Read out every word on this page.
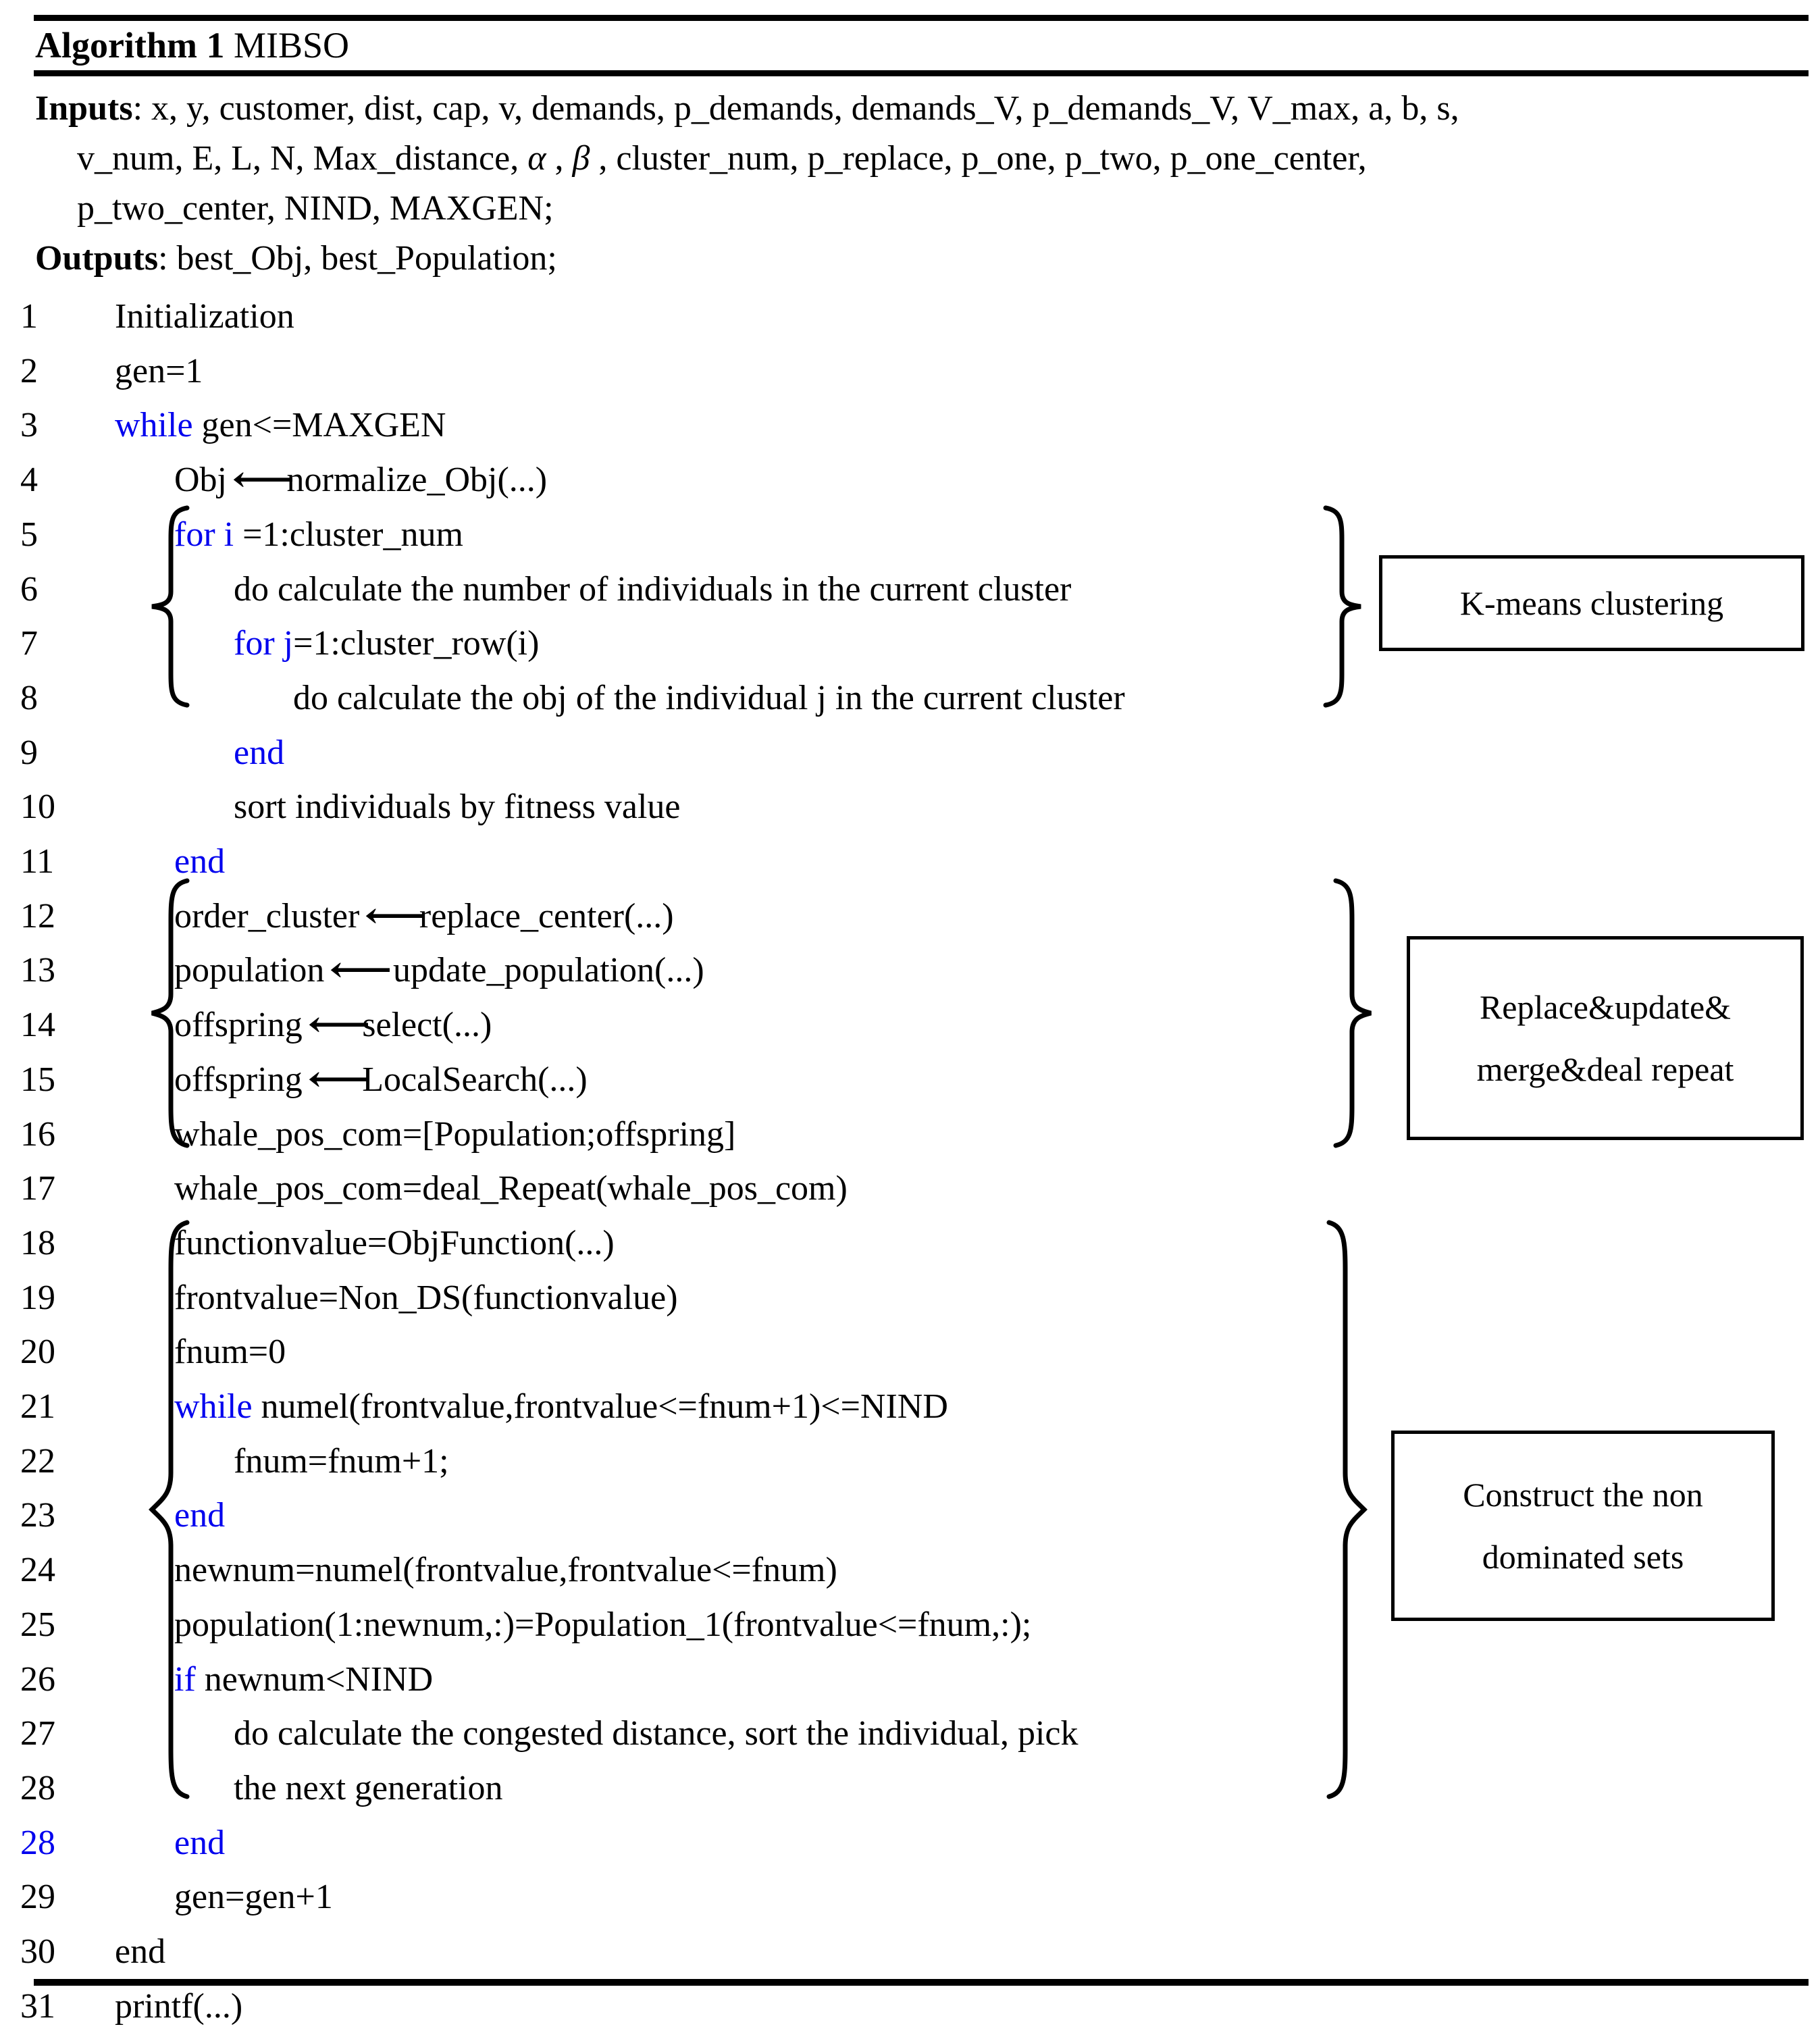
Algorithm 1 MIBSO
Inputs: x, y, customer, dist, cap, v, demands, p_demands, demands_V, p_demands_V, V_max, a, b, s,
v_num, E, L, N, Max_distance, α , β , cluster_num, p_replace, p_one, p_two, p_one_center,
p_two_center, NIND, MAXGEN;
Outputs: best_Obj, best_Population;
1	Initialization
2	gen=1
3	while gen<=MAXGEN
4	Obj ⟵normalize_Obj(...)
5	for i =1:cluster_num
6	do calculate the number of individuals in the current cluster
7	for j=1:cluster_row(i)
8	do calculate the obj of the individual j in the current cluster
9	end
10	sort individuals by fitness value
11	end
12	order_cluster ⟵replace_center(...)
13	population ⟵ update_population(...)
14	offspring ⟵select(...)
15	offspring ⟵LocalSearch(...)
16	whale_pos_com=[Population;offspring]
17	whale_pos_com=deal_Repeat(whale_pos_com)
18	functionvalue=ObjFunction(...)
19	frontvalue=Non_DS(functionvalue)
20	fnum=0
21	while numel(frontvalue,frontvalue<=fnum+1)<=NIND
22	fnum=fnum+1;
23	end
24	newnum=numel(frontvalue,frontvalue<=fnum)
25	population(1:newnum,:)=Population_1(frontvalue<=fnum,:);
26	if newnum<NIND
27	do calculate the congested distance, sort the individual, pick
28	the next generation
28	end
29	gen=gen+1
30	end
31	printf(...)
K-means clustering
Replace&update&
merge&deal repeat
Construct the non
dominated sets
